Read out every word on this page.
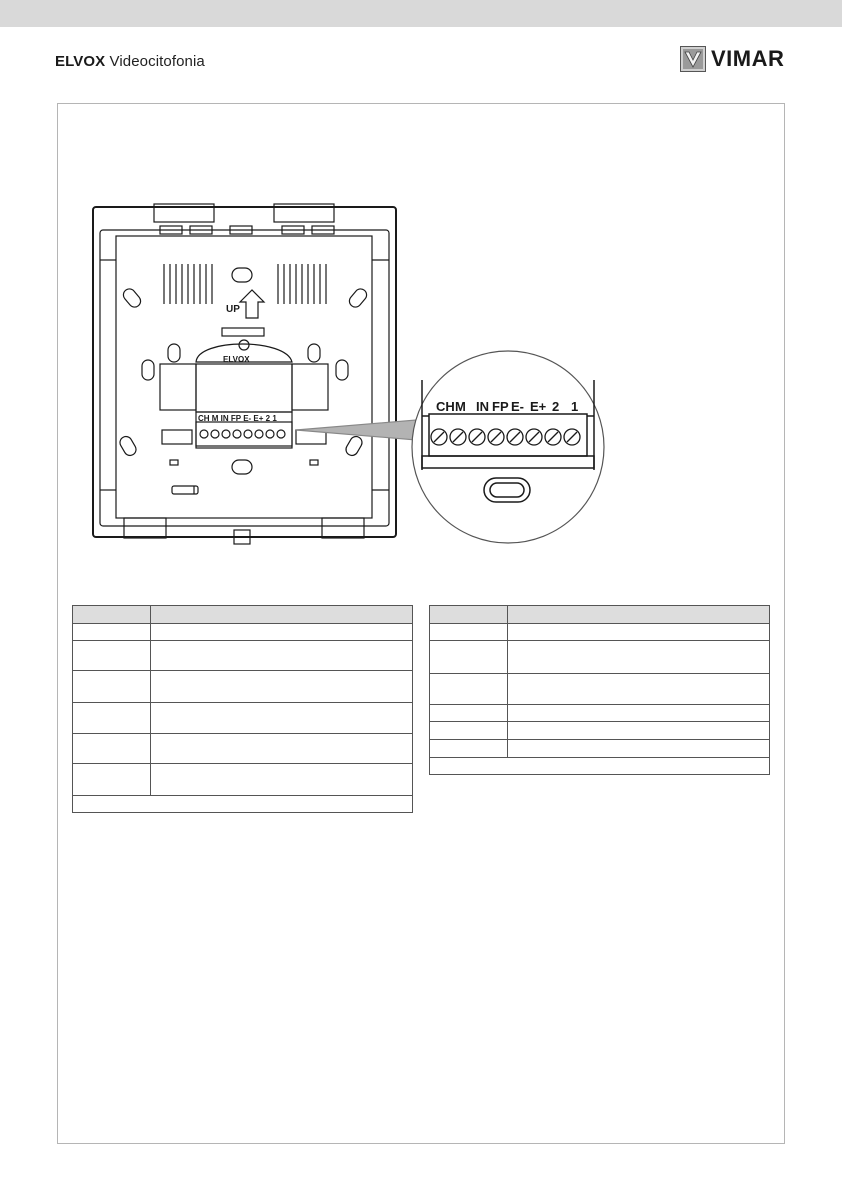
ELVOX Videocitofonia	VIMAR
CH M IN FP E- E+ 2 1
ELVOX
UP
CH M IN FP E- E+ 2 1
